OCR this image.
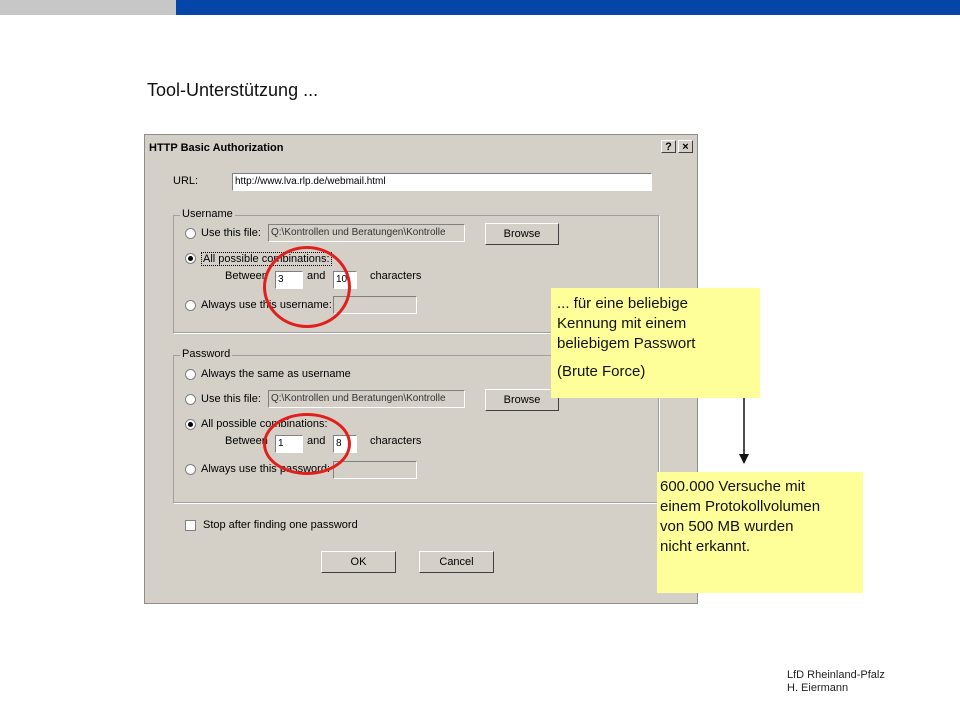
Tool-Unterstützung ...
HTTP Basic Authorization	? ×
URL:	http://www.lva.rlp.de/webmail.html
Username
Use this file:	Q:\Kontrollen und Beratungen\Kontrolle	Browse
All possible combinations:
Between	3	and	10	characters
Always use this username:
Password
Always the same as username
Use this file:	Q:\Kontrollen und Beratungen\Kontrolle	Browse
All possible combinations:
Between	1	and	8	characters
Always use this password:
Stop after finding one password
OK	Cancel
... für eine beliebige
Kennung mit einem
beliebigem Passwort
(Brute Force)
600.000 Versuche mit
einem Protokollvolumen
von 500 MB wurden
nicht erkannt.
LfD Rheinland-Pfalz
H. Eiermann
